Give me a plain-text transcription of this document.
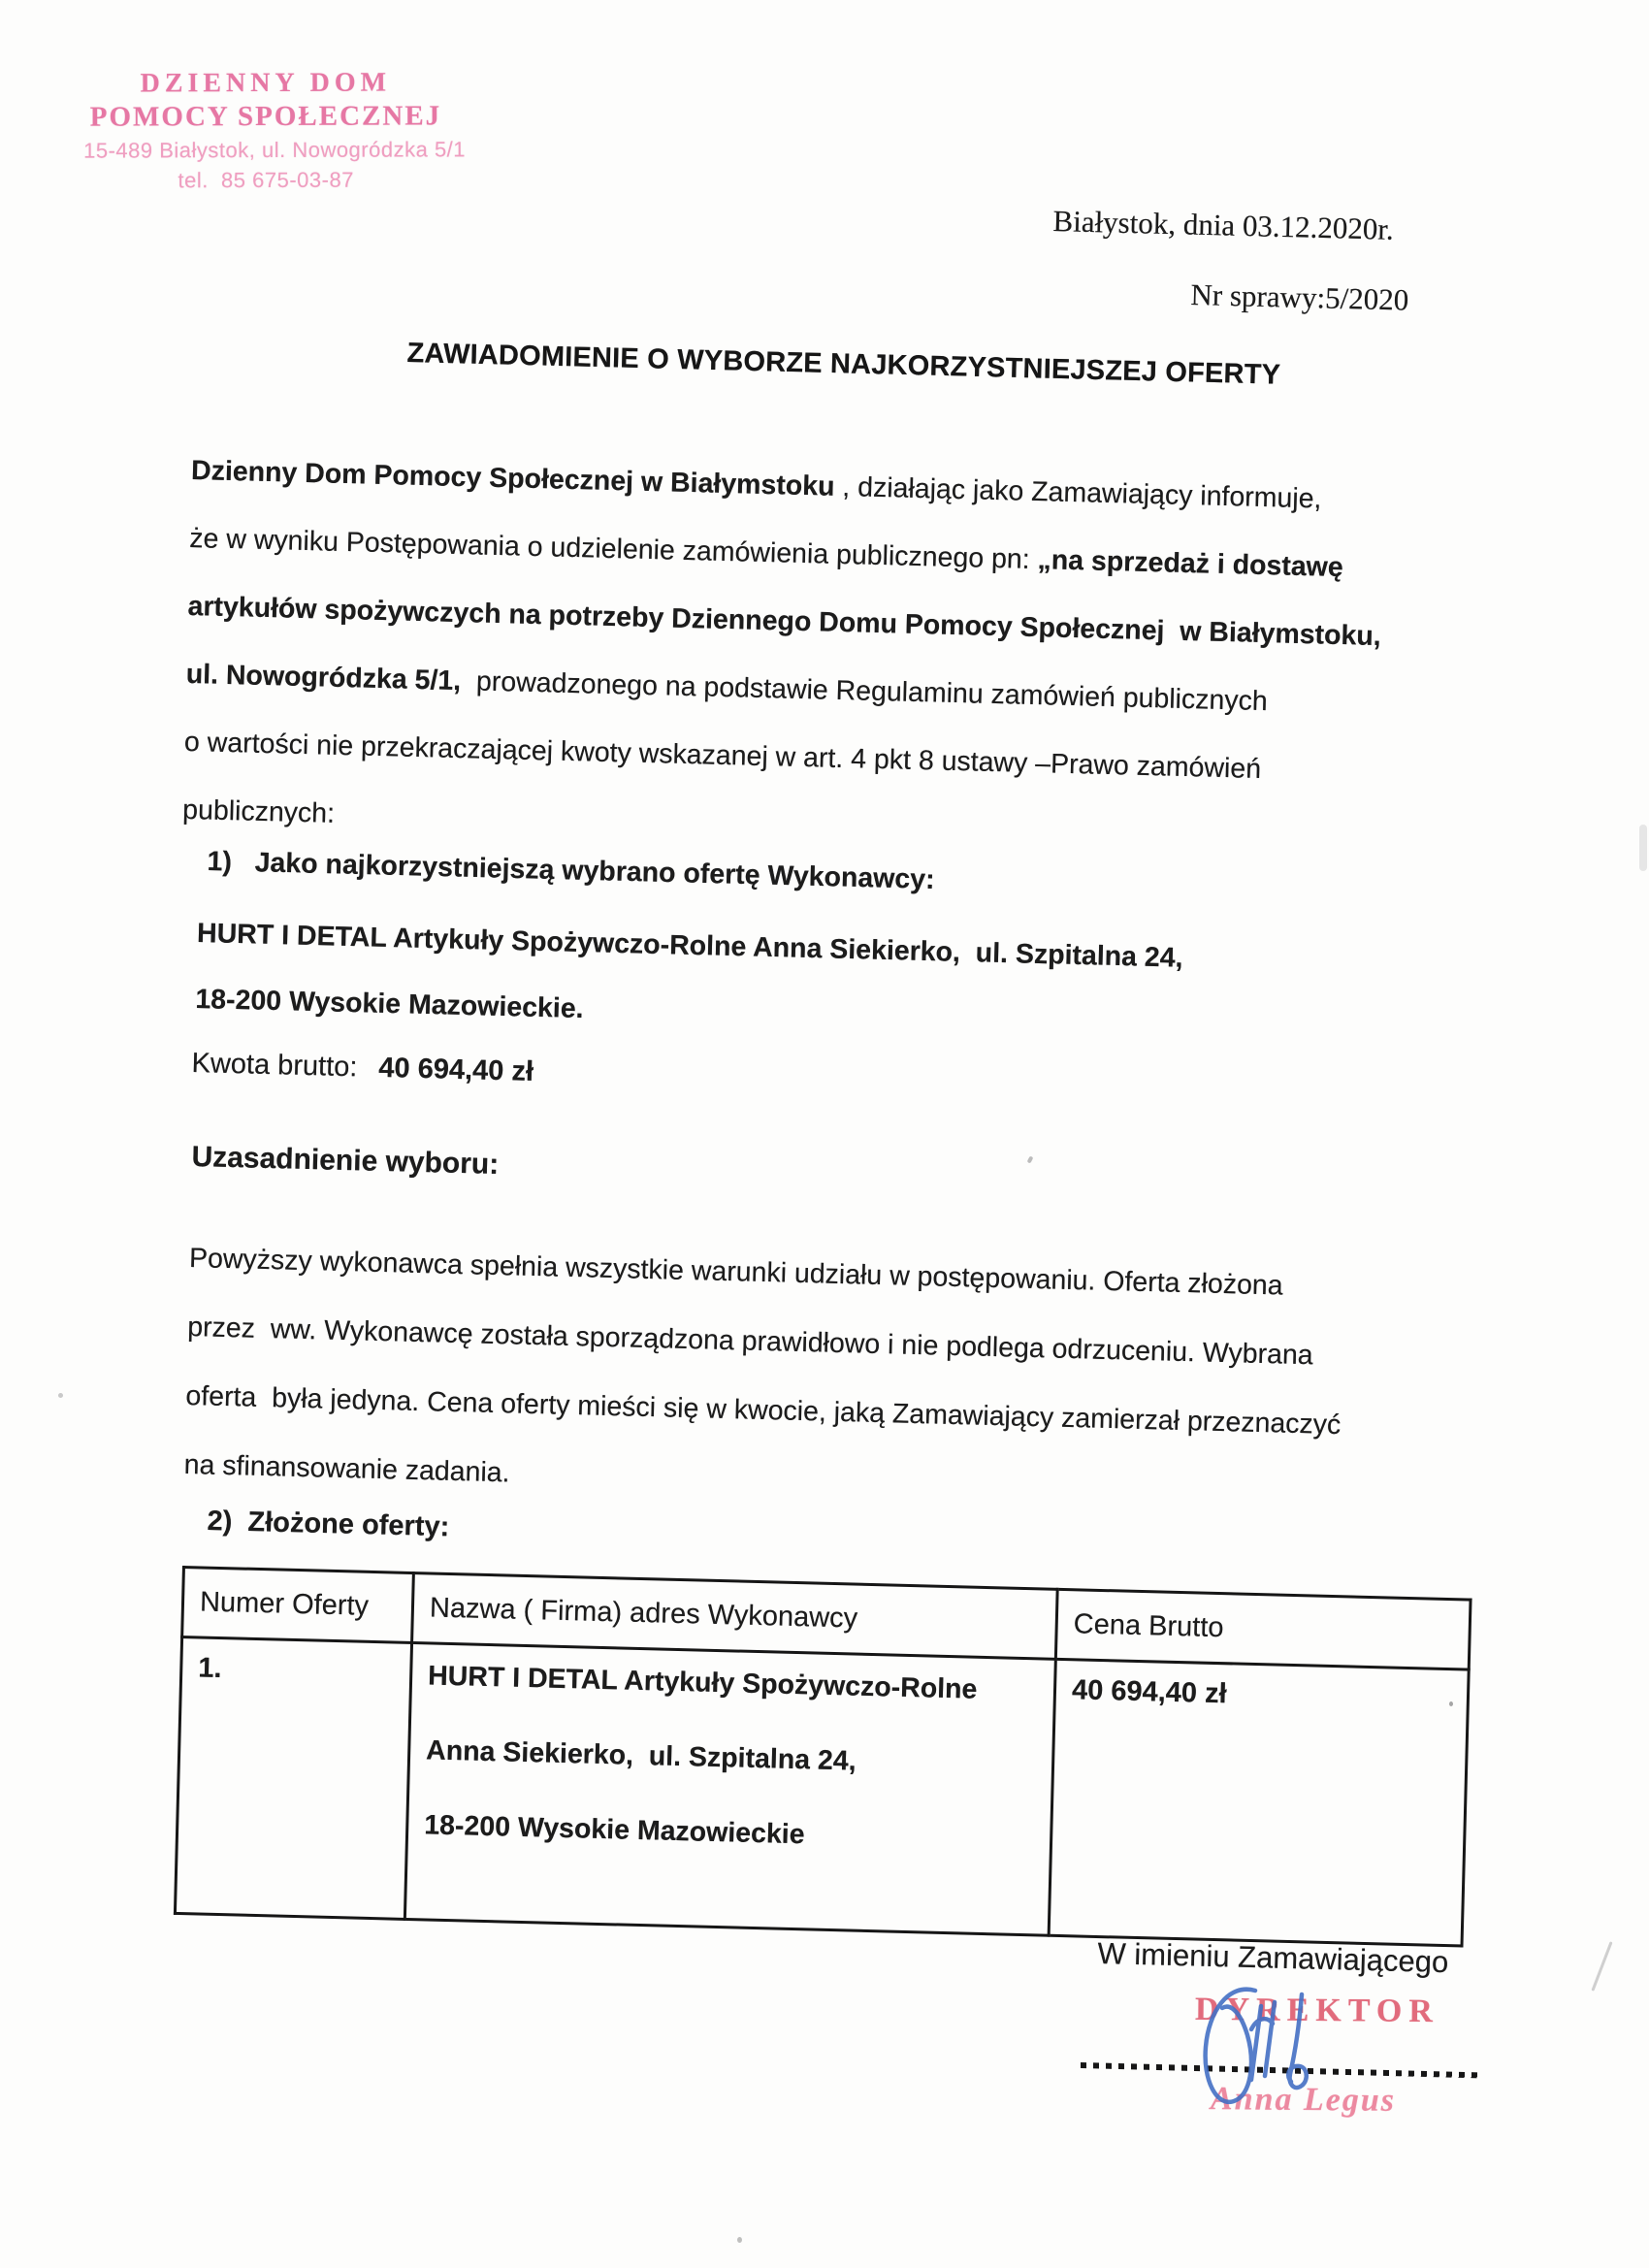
DZIENNY DOM
POMOCY SPOŁECZNEJ
15-489 Białystok, ul. Nowogródzka 5/1
tel.  85 675-03-87
Białystok, dnia 03.12.2020r.
Nr sprawy:5/2020
ZAWIADOMIENIE O WYBORZE NAJKORZYSTNIEJSZEJ OFERTY
Dzienny Dom Pomocy Społecznej w Białymstoku , działając jako Zamawiający informuje,
że w wyniku Postępowania o udzielenie zamówienia publicznego pn: „na sprzedaż i dostawę
artykułów spożywczych na potrzeby Dziennego Domu Pomocy Społecznej  w Białymstoku,
ul. Nowogródzka 5/1,  prowadzonego na podstawie Regulaminu zamówień publicznych
o wartości nie przekraczającej kwoty wskazanej w art. 4 pkt 8 ustawy –Prawo zamówień
publicznych:
1)   Jako najkorzystniejszą wybrano ofertę Wykonawcy:
HURT I DETAL Artykuły Spożywczo-Rolne Anna Siekierko,  ul. Szpitalna 24,
18-200 Wysokie Mazowieckie.
Kwota brutto: 40 694,40 zł
Uzasadnienie wyboru:
Powyższy wykonawca spełnia wszystkie warunki udziału w postępowaniu. Oferta złożona
przez  ww. Wykonawcę została sporządzona prawidłowo i nie podlega odrzuceniu. Wybrana
oferta  była jedyna. Cena oferty mieści się w kwocie, jaką Zamawiający zamierzał przeznaczyć
na sfinansowanie zadania.
2)  Złożone oferty:
Numer Oferty	Nazwa ( Firma) adres Wykonawcy	Cena Brutto
1.	HURT I DETAL Artykuły Spożywczo-Rolne
Anna Siekierko,  ul. Szpitalna 24,
18-200 Wysokie Mazowieckie	40 694,40 zł
W imieniu Zamawiającego
DYREKTOR
Anna Legus
